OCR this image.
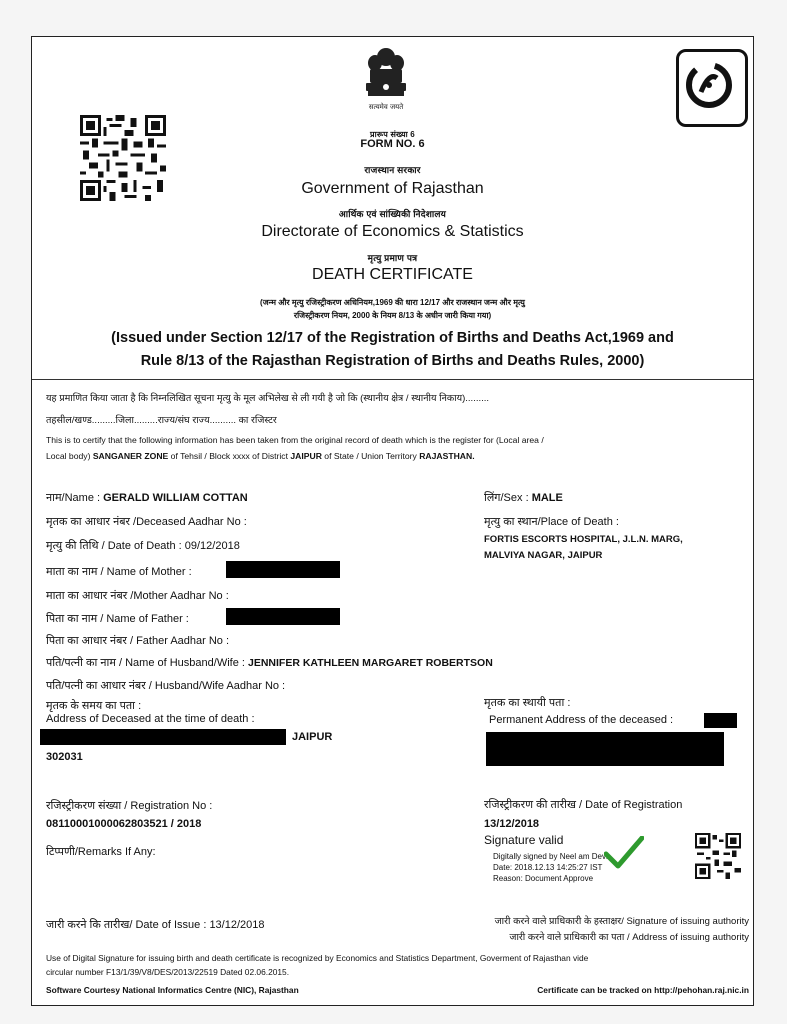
सत्यमेव जयते
प्रारूप संख्या 6
FORM NO. 6
राजस्थान सरकार
Government of Rajasthan
आर्थिक एवं सांख्यिकी निदेशालय
Directorate of Economics & Statistics
मृत्यु प्रमाण पत्र
DEATH CERTIFICATE
(जन्म और मृत्यु रजिस्ट्रीकरण अधिनियम,1969 की धारा 12/17 और राजस्थान जन्म और मृत्यु
रजिस्ट्रीकरण नियम, 2000 के नियम 8/13 के अधीन जारी किया गया)
(Issued under Section 12/17 of the Registration of Births and Deaths Act,1969 and
Rule 8/13 of the Rajasthan Registration of Births and Deaths Rules, 2000)
यह प्रमाणित किया जाता है कि निम्नलिखित सूचना मृत्यु के मूल अभिलेख से ली गयी है जो कि (स्थानीय क्षेत्र / स्थानीय निकाय).........
तहसील/खण्ड.........जिला.........राज्य/संघ राज्य.......... का रजिस्टर
This is to certify that the following information has been taken from the original record of death which is the register for (Local area /
Local body) SANGANER ZONE of Tehsil / Block xxxx of District JAIPUR of State / Union Territory RAJASTHAN.
नाम/Name : GERALD WILLIAM COTTAN
मृतक का आधार नंबर /Deceased Aadhar No :
मृत्यु की तिथि / Date of Death : 09/12/2018
माता का नाम / Name of Mother :
माता का आधार नंबर /Mother Aadhar No :
पिता का नाम / Name of Father :
पिता का आधार नंबर / Father Aadhar No :
पति/पत्नी का नाम / Name of Husband/Wife : JENNIFER KATHLEEN MARGARET ROBERTSON
पति/पत्नी का आधार नंबर / Husband/Wife Aadhar No :
मृतक के समय का पता :
Address of Deceased at the time of death :
JAIPUR
302031
लिंग/Sex : MALE
मृत्यु का स्थान/Place of Death :
FORTIS ESCORTS HOSPITAL, J.L.N. MARG,
MALVIYA NAGAR, JAIPUR
मृतक का स्थायी पता :
Permanent Address of the deceased :
रजिस्ट्रीकरण संख्या / Registration No :
08110001000062803521 / 2018
टिप्पणी/Remarks If Any:
रजिस्ट्रीकरण की तारीख / Date of Registration
13/12/2018
Signature valid
Digitally signed by Neel am Devi
Date: 2018.12.13 14:25:27 IST
Reason: Document Approve
जारी करने कि तारीख/ Date of Issue : 13/12/2018	जारी करने वाले प्राधिकारी के हस्ताक्षर/ Signature of issuing authority
जारी करने वाले प्राधिकारी का पता / Address of issuing authority
Use of Digital Signature for issuing birth and death certificate is recognized by Economics and Statistics Department, Goverment of Rajasthan vide
circular number F13/1/39/V8/DES/2013/22519 Dated 02.06.2015.
Software Courtesy National Informatics Centre (NIC), Rajasthan	Certificate can be tracked on http://pehohan.raj.nic.in
